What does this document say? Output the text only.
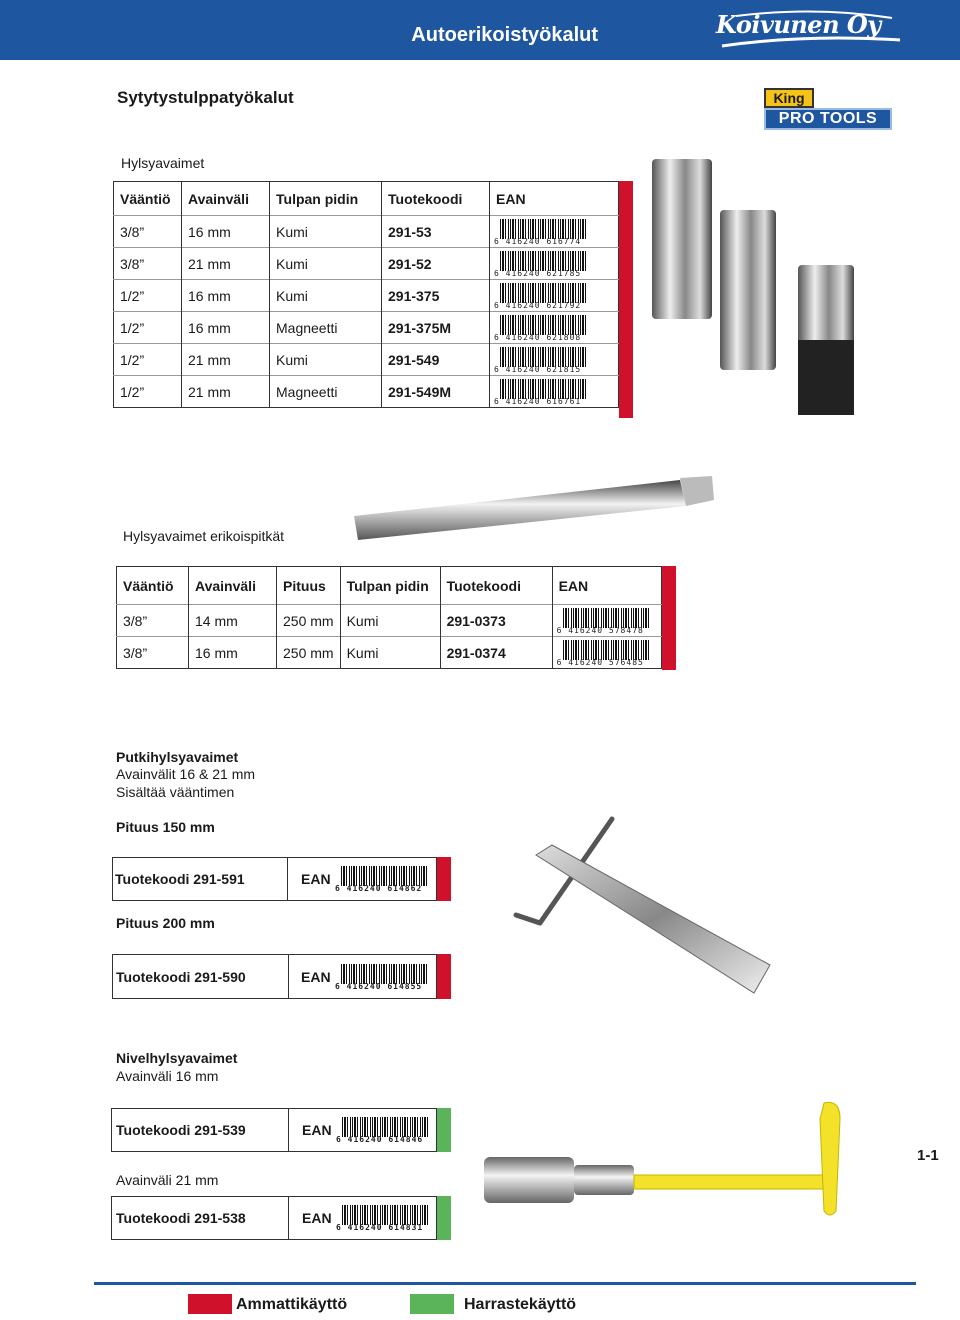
Autoerikoistyökalut	Koivunen Oy
Sytytystulppatyökalut	King
PRO TOOLS
Hylsyavaimet
Vääntiö	Avainväli	Tulpan pidin	Tuotekoodi	EAN
3/8”	16 mm	Kumi	291-53	6 416240 616774

3/8”	21 mm	Kumi	291-52	6 416240 621785

1/2”	16 mm	Kumi	291-375	6 416240 621792

1/2”	16 mm	Magneetti	291-375M	6 416240 621808

1/2”	21 mm	Kumi	291-549	6 416240 621815

1/2”	21 mm	Magneetti	291-549M	6 416240 616761
Hylsyavaimet erikoispitkät
Vääntiö	Avainväli	Pituus	Tulpan pidin	Tuotekoodi	EAN
3/8”	14 mm	250 mm	Kumi	291-0373	6 416240 578478

3/8”	16 mm	250 mm	Kumi	291-0374	6 416240 576485
Putkihylsyavaimet
Avainvälit 16 & 21 mm
Sisältää vääntimen
Pituus 150 mm
Tuotekoodi 291-591	EAN
6 416240 614862
Pituus 200 mm
Tuotekoodi 291-590	EAN
6 416240 614855
Nivelhylsyavaimet
Avainväli 16 mm
Tuotekoodi 291-539	EAN
6 416240 614846
Avainväli 21 mm
Tuotekoodi 291-538	EAN
6 416240 614831
1-1
Ammattikäyttö	Harrastekäyttö
